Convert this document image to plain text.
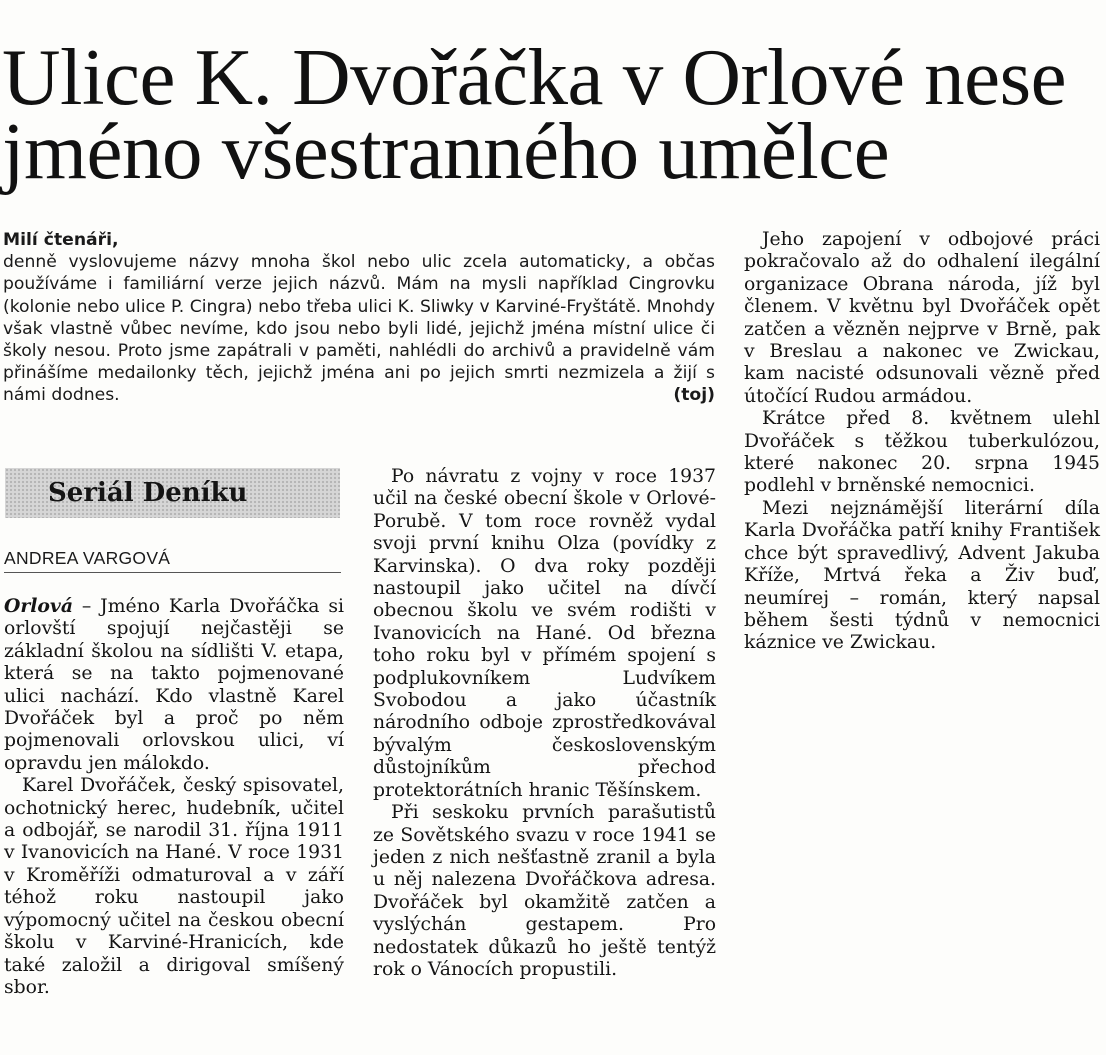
Ulice K. Dvořáčka v Orlové nese jméno všestranného umělce
Milí čtenáři,
denně vyslovujeme názvy mnoha škol nebo ulic zcela automaticky, a občas používáme i familiární verze jejich názvů. Mám na mysli například Cingrovku (kolonie nebo ulice P. Cingra) nebo třeba ulici K. Sliwky v Karviné-Fryštátě. Mnohdy však vlastně vůbec nevíme, kdo jsou nebo byli lidé, jejichž jména místní ulice či školy nesou. Proto jsme zapátrali v paměti, nahlédli do archivů a pravidelně vám přinášíme medailonky těch, jejichž jména ani po jejich smrti nezmizela a žijí s námi dodnes.	(toj)
Seriál Deníku
ANDREA VARGOVÁ

Orlová – Jméno Karla Dvořáčka si orlovští spojují nejčastěji se základní školou na sídlišti V. etapa, která se na takto pojmenované ulici nachází. Kdo vlastně Karel Dvořáček byl a proč po něm pojmenovali orlovskou ulici, ví opravdu jen málokdo.

Karel Dvořáček, český spisovatel, ochotnický herec, hudebník, učitel a odbojář, se narodil 31. října 1911 v Ivanovicích na Hané. V roce 1931 v Kroměříži odmaturoval a v září téhož roku nastoupil jako výpomocný učitel na českou obecní školu v Karviné-Hranicích, kde také založil a dirigoval smíšený sbor.

Po návratu z vojny v roce 1937 učil na české obecní škole v Orlové-Porubě. V tom roce rovněž vydal svoji první knihu Olza (povídky z Karvinska). O dva roky později nastoupil jako učitel na dívčí obecnou školu ve svém rodišti v Ivanovicích na Hané. Od března toho roku byl v přímém spojení s podplukovníkem Ludvíkem Svobodou a jako účastník národního odboje zprostředkovával bývalým československým důstojníkům přechod protektorátních hranic Těšínskem.

Při seskoku prvních parašutistů ze Sovětského svazu v roce 1941 se jeden z nich nešťastně zranil a byla u něj nalezena Dvořáčkova adresa. Dvořáček byl okamžitě zatčen a vyslýchán gestapem. Pro nedostatek důkazů ho ještě tentýž rok o Vánocích propustili.

Jeho zapojení v odbojové práci pokračovalo až do odhalení ilegální organizace Obrana národa, jíž byl členem. V květnu byl Dvořáček opět zatčen a vězněn nejprve v Brně, pak v Breslau a nakonec ve Zwickau, kam nacisté odsunovali vězně před útočící Rudou armádou.

Krátce před 8. květnem ulehl Dvořáček s těžkou tuberkulózou, které nakonec 20. srpna 1945 podlehl v brněnské nemocnici.

Mezi nejznámější literární díla Karla Dvořáčka patří knihy František chce být spravedlivý, Advent Jakuba Kříže, Mrtvá řeka a Živ buď, neumírej – román, který napsal během šesti týdnů v nemocnici káznice ve Zwickau.
